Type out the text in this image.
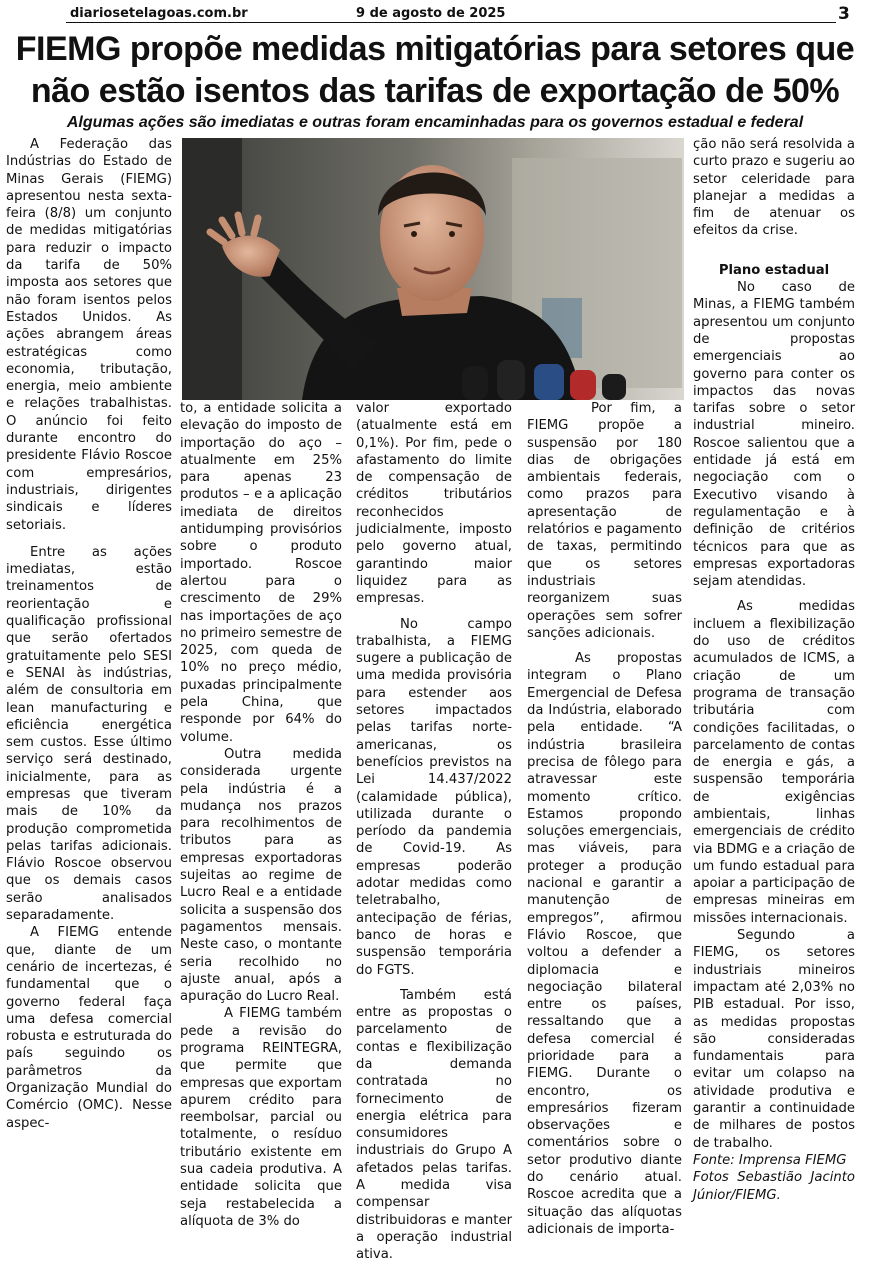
diariosetelagoas.com.br	9 de agosto de 2025	3
FIEMG propõe medidas mitigatórias para setores que
não estão isentos das tarifas de exportação de 50%
Algumas ações são imediatas e outras foram encaminhadas para os governos estadual e federal

A Federação das Indústrias do Estado de Minas Gerais (FIEMG) apresentou nesta sexta-feira (8/8) um conjunto de medidas mitigatórias para reduzir o impacto da tarifa de 50% imposta aos setores que não foram isentos pelos Estados Unidos. As ações abrangem áreas estratégicas como economia, tributação, energia, meio ambiente e relações trabalhistas. O anúncio foi feito durante encontro do presidente Flávio Roscoe com empresários, industriais, dirigentes sindicais e líderes setoriais.

Entre as ações imediatas, estão treinamentos de reorientação e qualificação profissional que serão ofertados gratuitamente pelo SESI e SENAI às indústrias, além de consultoria em lean manufacturing e eficiência energética sem custos. Esse último serviço será destinado, inicialmente, para as empresas que tiveram mais de 10% da produção comprometida pelas tarifas adicionais. Flávio Roscoe observou que os demais casos serão analisados separadamente.

A FIEMG entende que, diante de um cenário de incertezas, é fundamental que o governo federal faça uma defesa comercial robusta e estruturada do país seguindo os parâmetros da Organização Mundial do Comércio (OMC). Nesse aspec-

to, a entidade solicita a elevação do imposto de importação do aço – atualmente em 25% para apenas 23 produtos – e a aplicação imediata de direitos antidumping provisórios sobre o produto importado. Roscoe alertou para o crescimento de 29% nas importações de aço no primeiro semestre de 2025, com queda de 10% no preço médio, puxadas principalmente pela China, que responde por 64% do volume.

Outra medida considerada urgente pela indústria é a mudança nos prazos para recolhimentos de tributos para as empresas exportadoras sujeitas ao regime de Lucro Real e a entidade solicita a suspensão dos pagamentos mensais. Neste caso, o montante seria recolhido no ajuste anual, após a apuração do Lucro Real.

A FIEMG também pede a revisão do programa REINTEGRA, que permite que empresas que exportam apurem crédito para reembolsar, parcial ou totalmente, o resíduo tributário existente em sua cadeia produtiva. A entidade solicita que seja restabelecida a alíquota de 3% do

valor exportado (atualmente está em 0,1%). Por fim, pede o afastamento do limite de compensação de créditos tributários reconhecidos judicialmente, imposto pelo governo atual, garantindo maior liquidez para as empresas.

No campo trabalhista, a FIEMG sugere a publicação de uma medida provisória para estender aos setores impactados pelas tarifas norte-americanas, os benefícios previstos na Lei 14.437/2022 (calamidade pública), utilizada durante o período da pandemia de Covid-19. As empresas poderão adotar medidas como teletrabalho, antecipação de férias, banco de horas e suspensão temporária do FGTS.

Também está entre as propostas o parcelamento de contas e flexibilização da demanda contratada no fornecimento de energia elétrica para consumidores industriais do Grupo A afetados pelas tarifas. A medida visa compensar distribuidoras e manter a operação industrial ativa.

Por fim, a FIEMG propõe a suspensão por 180 dias de obrigações ambientais federais, como prazos para apresentação de relatórios e pagamento de taxas, permitindo que os setores industriais reorganizem suas operações sem sofrer sanções adicionais.

As propostas integram o Plano Emergencial de Defesa da Indústria, elaborado pela entidade. “A indústria brasileira precisa de fôlego para atravessar este momento crítico. Estamos propondo soluções emergenciais, mas viáveis, para proteger a produção nacional e garantir a manutenção de empregos”, afirmou Flávio Roscoe, que voltou a defender a diplomacia e negociação bilateral entre os países, ressaltando que a defesa comercial é prioridade para a FIEMG. Durante o encontro, os empresários fizeram observações e comentários sobre o setor produtivo diante do cenário atual. Roscoe acredita que a situação das alíquotas adicionais de importa-

ção não será resolvida a curto prazo e sugeriu ao setor celeridade para planejar a medidas a fim de atenuar os efeitos da crise.

Plano estadual

No caso de Minas, a FIEMG também apresentou um conjunto de propostas emergenciais ao governo para conter os impactos das novas tarifas sobre o setor industrial mineiro. Roscoe salientou que a entidade já está em negociação com o Executivo visando à regulamentação e à definição de critérios técnicos para que as empresas exportadoras sejam atendidas.

As medidas incluem a flexibilização do uso de créditos acumulados de ICMS, a criação de um programa de transação tributária com condições facilitadas, o parcelamento de contas de energia e gás, a suspensão temporária de exigências ambientais, linhas emergenciais de crédito via BDMG e a criação de um fundo estadual para apoiar a participação de empresas mineiras em missões internacionais.

Segundo a FIEMG, os setores industriais mineiros impactam até 2,03% no PIB estadual. Por isso, as medidas propostas são consideradas fundamentais para evitar um colapso na atividade produtiva e garantir a continuidade de milhares de postos de trabalho.

Fonte: Imprensa FIEMG

Fotos Sebastião Jacinto Júnior/FIEMG.
